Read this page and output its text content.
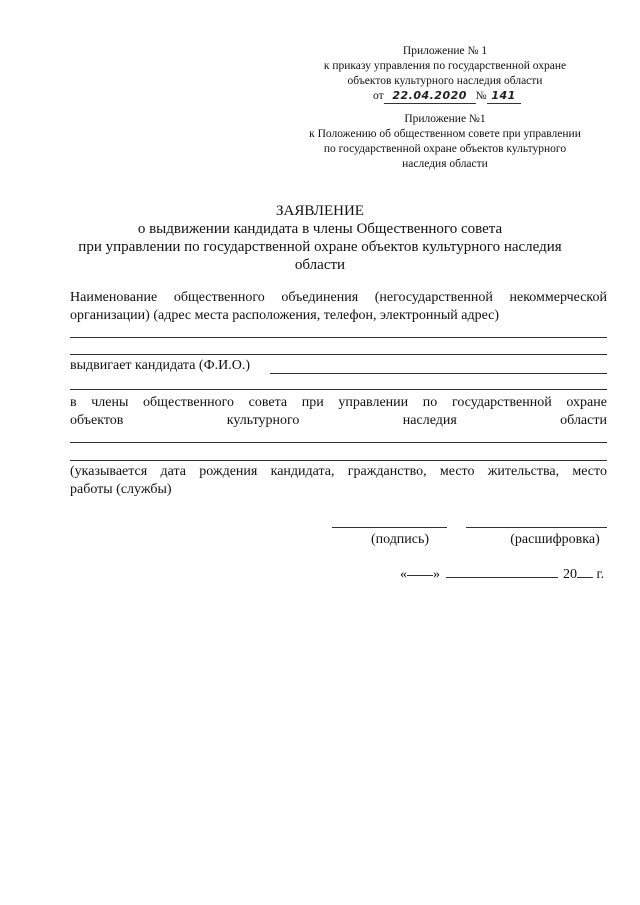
Приложение № 1
к приказу управления по государственной охране
объектов культурного наследия области
от 22.04.2020 № 141
Приложение №1
к Положению об общественном совете при управлении
по государственной охране объектов культурного
наследия области
ЗАЯВЛЕНИЕ
о выдвижении кандидата в члены Общественного совета
при управлении по государственной охране объектов культурного наследия
области
Наименование общественного объединения (негосударственной некоммерческой
организации) (адрес места расположения, телефон, электронный адрес)
выдвигает кандидата (Ф.И.О.)
в члены общественного совета при управлении по государственной охране
объектов	культурного	наследия	области
(указывается дата рождения кандидата, гражданство, место жительства, место
работы (службы)
(подпись)	(расшифровка)
« »	20 г.
